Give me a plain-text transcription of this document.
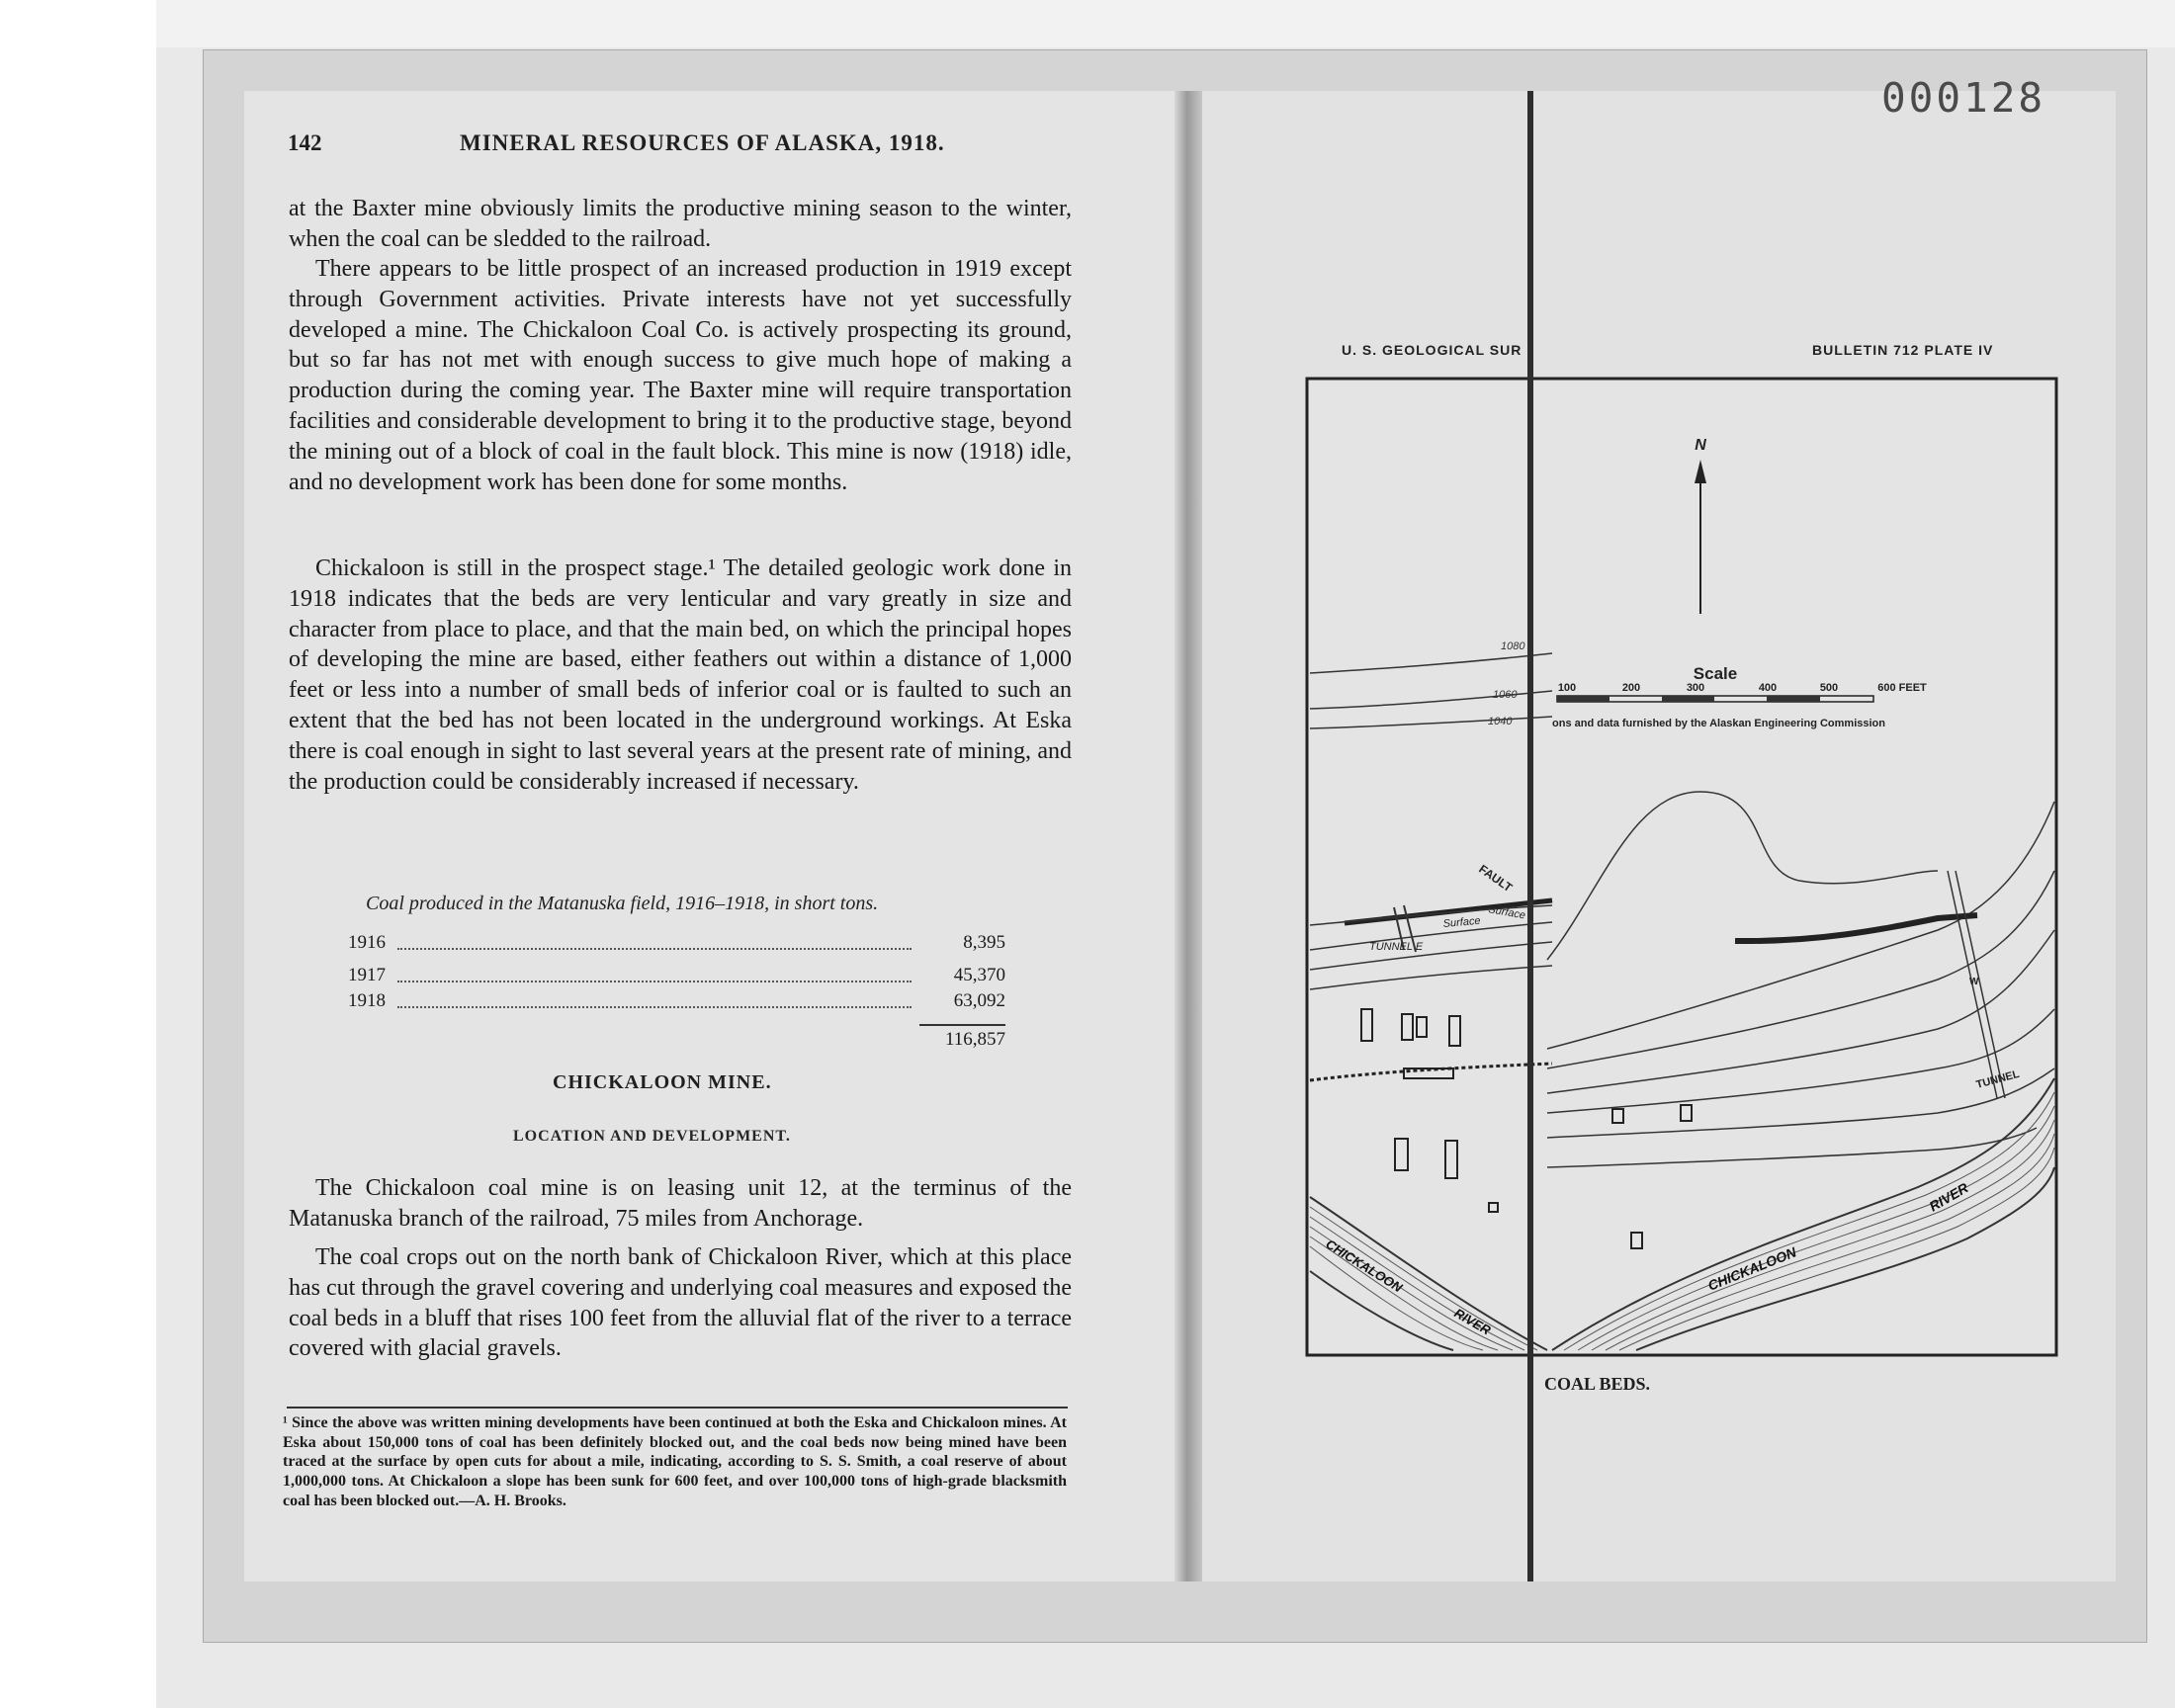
000128
142	MINERAL RESOURCES OF ALASKA, 1918.

at the Baxter mine obviously limits the productive mining season to the winter, when the coal can be sledded to the railroad.

There appears to be little prospect of an increased production in 1919 except through Government activities. Private interests have not yet successfully developed a mine. The Chickaloon Coal Co. is actively prospecting its ground, but so far has not met with enough success to give much hope of making a production during the coming year. The Baxter mine will require transportation facilities and considerable development to bring it to the productive stage, beyond the mining out of a block of coal in the fault block. This mine is now (1918) idle, and no development work has been done for some months.

Chickaloon is still in the prospect stage.¹ The detailed geologic work done in 1918 indicates that the beds are very lenticular and vary greatly in size and character from place to place, and that the main bed, on which the principal hopes of developing the mine are based, either feathers out within a distance of 1,000 feet or less into a number of small beds of inferior coal or is faulted to such an extent that the bed has not been located in the underground workings. At Eska there is coal enough in sight to last several years at the present rate of mining, and the production could be considerably increased if necessary.

Coal produced in the Matanuska field, 1916–1918, in short tons.
1916	8,395
1917	45,370
1918	63,092
116,857
CHICKALOON MINE.
LOCATION AND DEVELOPMENT.

The Chickaloon coal mine is on leasing unit 12, at the terminus of the Matanuska branch of the railroad, 75 miles from Anchorage.

The coal crops out on the north bank of Chickaloon River, which at this place has cut through the gravel covering and underlying coal measures and exposed the coal beds in a bluff that rises 100 feet from the alluvial flat of the river to a terrace covered with glacial gravels.

¹ Since the above was written mining developments have been continued at both the Eska and Chickaloon mines. At Eska about 150,000 tons of coal has been definitely blocked out, and the coal beds now being mined have been traced at the surface by open cuts for about a mile, indicating, according to S. S. Smith, a coal reserve of about 1,000,000 tons. At Chickaloon a slope has been sunk for 600 feet, and over 100,000 tons of high-grade blacksmith coal has been blocked out.—A. H. Brooks.

U. S. GEOLOGICAL SUR	BULLETIN 712 PLATE IV
N
Scale
100	200	300	400	500	600 FEET
ons and data furnished by the Alaskan Engineering Commission
1080
1060
1040
FAULT
Surface
Surface
TUNNEL E
TUNNEL
W
CHICKALOON
RIVER
CHICKALOON
RIVER
COAL BEDS.
